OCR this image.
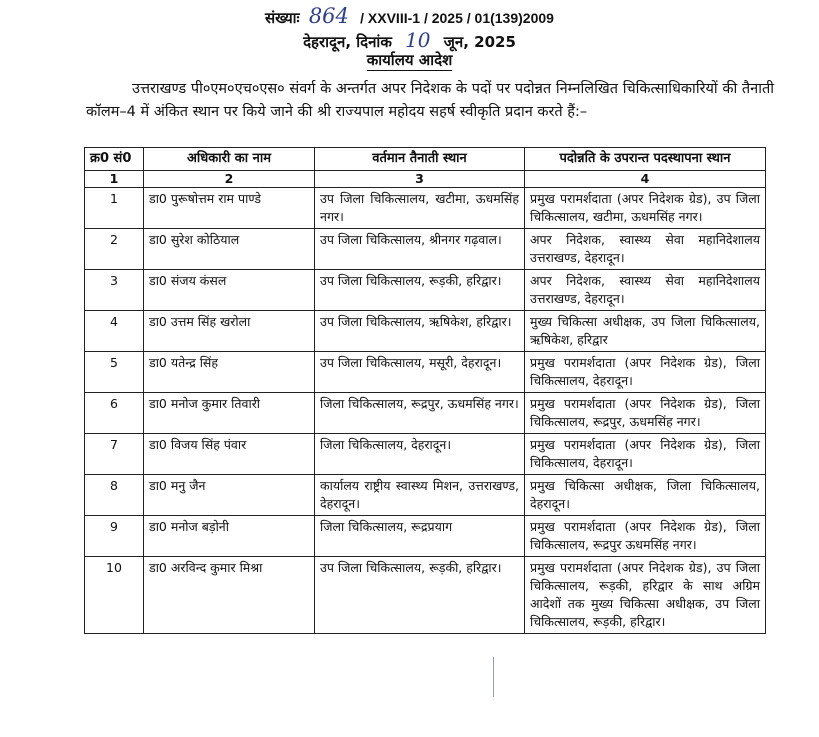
संख्याः 864 / XXVIII-1 / 2025 / 01(139)2009
देहरादून, दिनांक 10 जून, 2025
कार्यालय आदेश
उत्तराखण्ड पी०एम०एच०एस० संवर्ग के अन्तर्गत अपर निदेशक के पदों पर पदोन्नत निम्नलिखित चिकित्साधिकारियों की तैनाती कॉलम–4 में अंकित स्थान पर किये जाने की श्री राज्यपाल महोदय सहर्ष स्वीकृति प्रदान करते हैं:–
क्र0 सं0	अधिकारी का नाम	वर्तमान तैनाती स्थान	पदोन्नति के उपरान्त पदस्थापना स्थान
1	2	3	4
1	डा0 पुरूषोत्तम राम पाण्डे	उप जिला चिकित्सालय, खटीमा, ऊधमसिंह नगर।	प्रमुख परामर्शदाता (अपर निदेशक ग्रेड), उप जिला चिकित्सालय, खटीमा, ऊधमसिंह नगर।
2	डा0 सुरेश कोठियाल	उप जिला चिकित्सालय, श्रीनगर गढ़वाल।	अपर निदेशक, स्वास्थ्य सेवा महानिदेशालय उत्तराखण्ड, देहरादून।
3	डा0 संजय कंसल	उप जिला चिकित्सालय, रूड़की, हरिद्वार।	अपर निदेशक, स्वास्थ्य सेवा महानिदेशालय उत्तराखण्ड, देहरादून।
4	डा0 उत्तम सिंह खरोला	उप जिला चिकित्सालय, ऋषिकेश, हरिद्वार।	मुख्य चिकित्सा अधीक्षक, उप जिला चिकित्सालय, ऋषिकेश, हरिद्वार
5	डा0 यतेन्द्र सिंह	उप जिला चिकित्सालय, मसूरी, देहरादून।	प्रमुख परामर्शदाता (अपर निदेशक ग्रेड), जिला चिकित्सालय, देहरादून।
6	डा0 मनोज कुमार तिवारी	जिला चिकित्सालय, रूद्रपुर, ऊधमसिंह नगर।	प्रमुख परामर्शदाता (अपर निदेशक ग्रेड), जिला चिकित्सालय, रूद्रपुर, ऊधमसिंह नगर।
7	डा0 विजय सिंह पंवार	जिला चिकित्सालय, देहरादून।	प्रमुख परामर्शदाता (अपर निदेशक ग्रेड), जिला चिकित्सालय, देहरादून।
8	डा0 मनु जैन	कार्यालय राष्ट्रीय स्वास्थ्य मिशन, उत्तराखण्ड, देहरादून।	प्रमुख चिकित्सा अधीक्षक, जिला चिकित्सालय, देहरादून।
9	डा0 मनोज बड़ोनी	जिला चिकित्सालय, रूद्रप्रयाग	प्रमुख परामर्शदाता (अपर निदेशक ग्रेड), जिला चिकित्सालय, रूद्रपुर ऊधमसिंह नगर।
10	डा0 अरविन्द कुमार मिश्रा	उप जिला चिकित्सालय, रूड़की, हरिद्वार।	प्रमुख परामर्शदाता (अपर निदेशक ग्रेड), उप जिला चिकित्सालय, रूड़की, हरिद्वार के साथ अग्रिम आदेशों तक मुख्य चिकित्सा अधीक्षक, उप जिला चिकित्सालय, रूड़की, हरिद्वार।
